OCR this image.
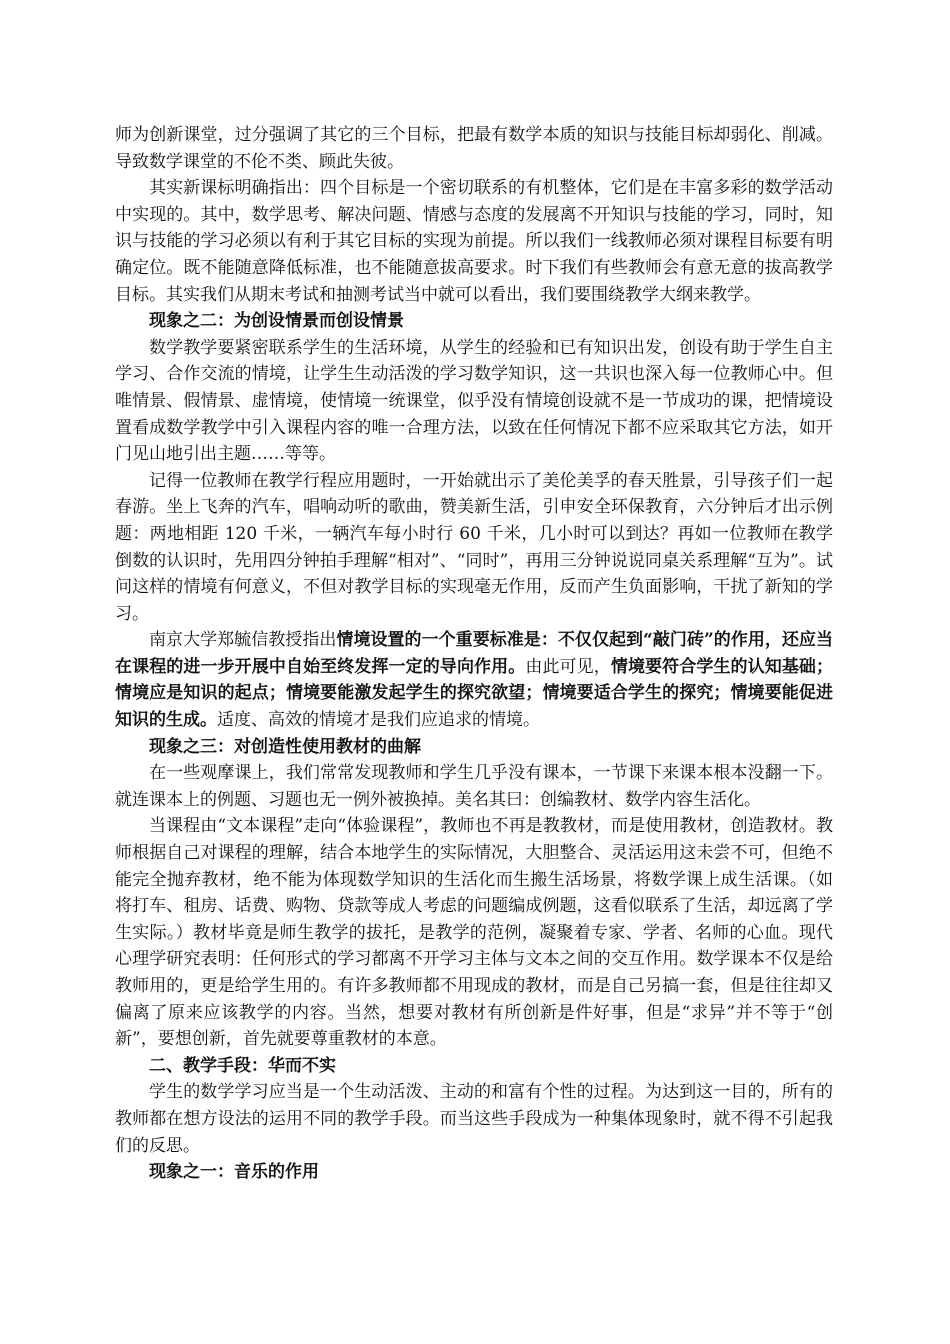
师为创新课堂，过分强调了其它的三个目标，把最有数学本质的知识与技能目标却弱化、削减。导致数学课堂的不伦不类、顾此失彼。

其实新课标明确指出：四个目标是一个密切联系的有机整体，它们是在丰富多彩的数学活动中实现的。其中，数学思考、解决问题、情感与态度的发展离不开知识与技能的学习，同时，知识与技能的学习必须以有利于其它目标的实现为前提。所以我们一线教师必须对课程目标要有明确定位。既不能随意降低标准，也不能随意拔高要求。时下我们有些教师会有意无意的拔高教学目标。其实我们从期末考试和抽测考试当中就可以看出，我们要围绕教学大纲来教学。

现象之二：为创设情景而创设情景

数学教学要紧密联系学生的生活环境，从学生的经验和已有知识出发，创设有助于学生自主学习、合作交流的情境，让学生生动活泼的学习数学知识，这一共识也深入每一位教师心中。但唯情景、假情景、虚情境，使情境一统课堂，似乎没有情境创设就不是一节成功的课，把情境设置看成数学教学中引入课程内容的唯一合理方法，以致在任何情况下都不应采取其它方法，如开门见山地引出主题……等等。

记得一位教师在教学行程应用题时，一开始就出示了美伦美孚的春天胜景，引导孩子们一起春游。坐上飞奔的汽车，唱响动听的歌曲，赞美新生活，引申安全环保教育，六分钟后才出示例题：两地相距 120 千米，一辆汽车每小时行 60 千米，几小时可以到达？再如一位教师在教学倒数的认识时，先用四分钟拍手理解“相对”、“同时”，再用三分钟说说同桌关系理解“互为”。试问这样的情境有何意义，不但对教学目标的实现毫无作用，反而产生负面影响，干扰了新知的学习。

南京大学郑毓信教授指出情境设置的一个重要标准是：不仅仅起到“敲门砖”的作用，还应当在课程的进一步开展中自始至终发挥一定的导向作用。由此可见，情境要符合学生的认知基础；情境应是知识的起点；情境要能激发起学生的探究欲望；情境要适合学生的探究；情境要能促进知识的生成。适度、高效的情境才是我们应追求的情境。

现象之三：对创造性使用教材的曲解

在一些观摩课上，我们常常发现教师和学生几乎没有课本，一节课下来课本根本没翻一下。就连课本上的例题、习题也无一例外被换掉。美名其曰：创编教材、数学内容生活化。

当课程由“文本课程”走向“体验课程”，教师也不再是教教材，而是使用教材，创造教材。教师根据自己对课程的理解，结合本地学生的实际情况，大胆整合、灵活运用这未尝不可，但绝不能完全抛弃教材，绝不能为体现数学知识的生活化而生搬生活场景，将数学课上成生活课。（如将打车、租房、话费、购物、贷款等成人考虑的问题编成例题，这看似联系了生活，却远离了学生实际。）教材毕竟是师生教学的拔托，是教学的范例，凝聚着专家、学者、名师的心血。现代心理学研究表明：任何形式的学习都离不开学习主体与文本之间的交互作用。数学课本不仅是给教师用的，更是给学生用的。有许多教师都不用现成的教材，而是自己另搞一套，但是往往却又偏离了原来应该教学的内容。当然，想要对教材有所创新是件好事，但是“求异”并不等于“创新”，要想创新，首先就要尊重教材的本意。

二、教学手段：华而不实

学生的数学学习应当是一个生动活泼、主动的和富有个性的过程。为达到这一目的，所有的教师都在想方设法的运用不同的教学手段。而当这些手段成为一种集体现象时，就不得不引起我们的反思。

现象之一：音乐的作用
